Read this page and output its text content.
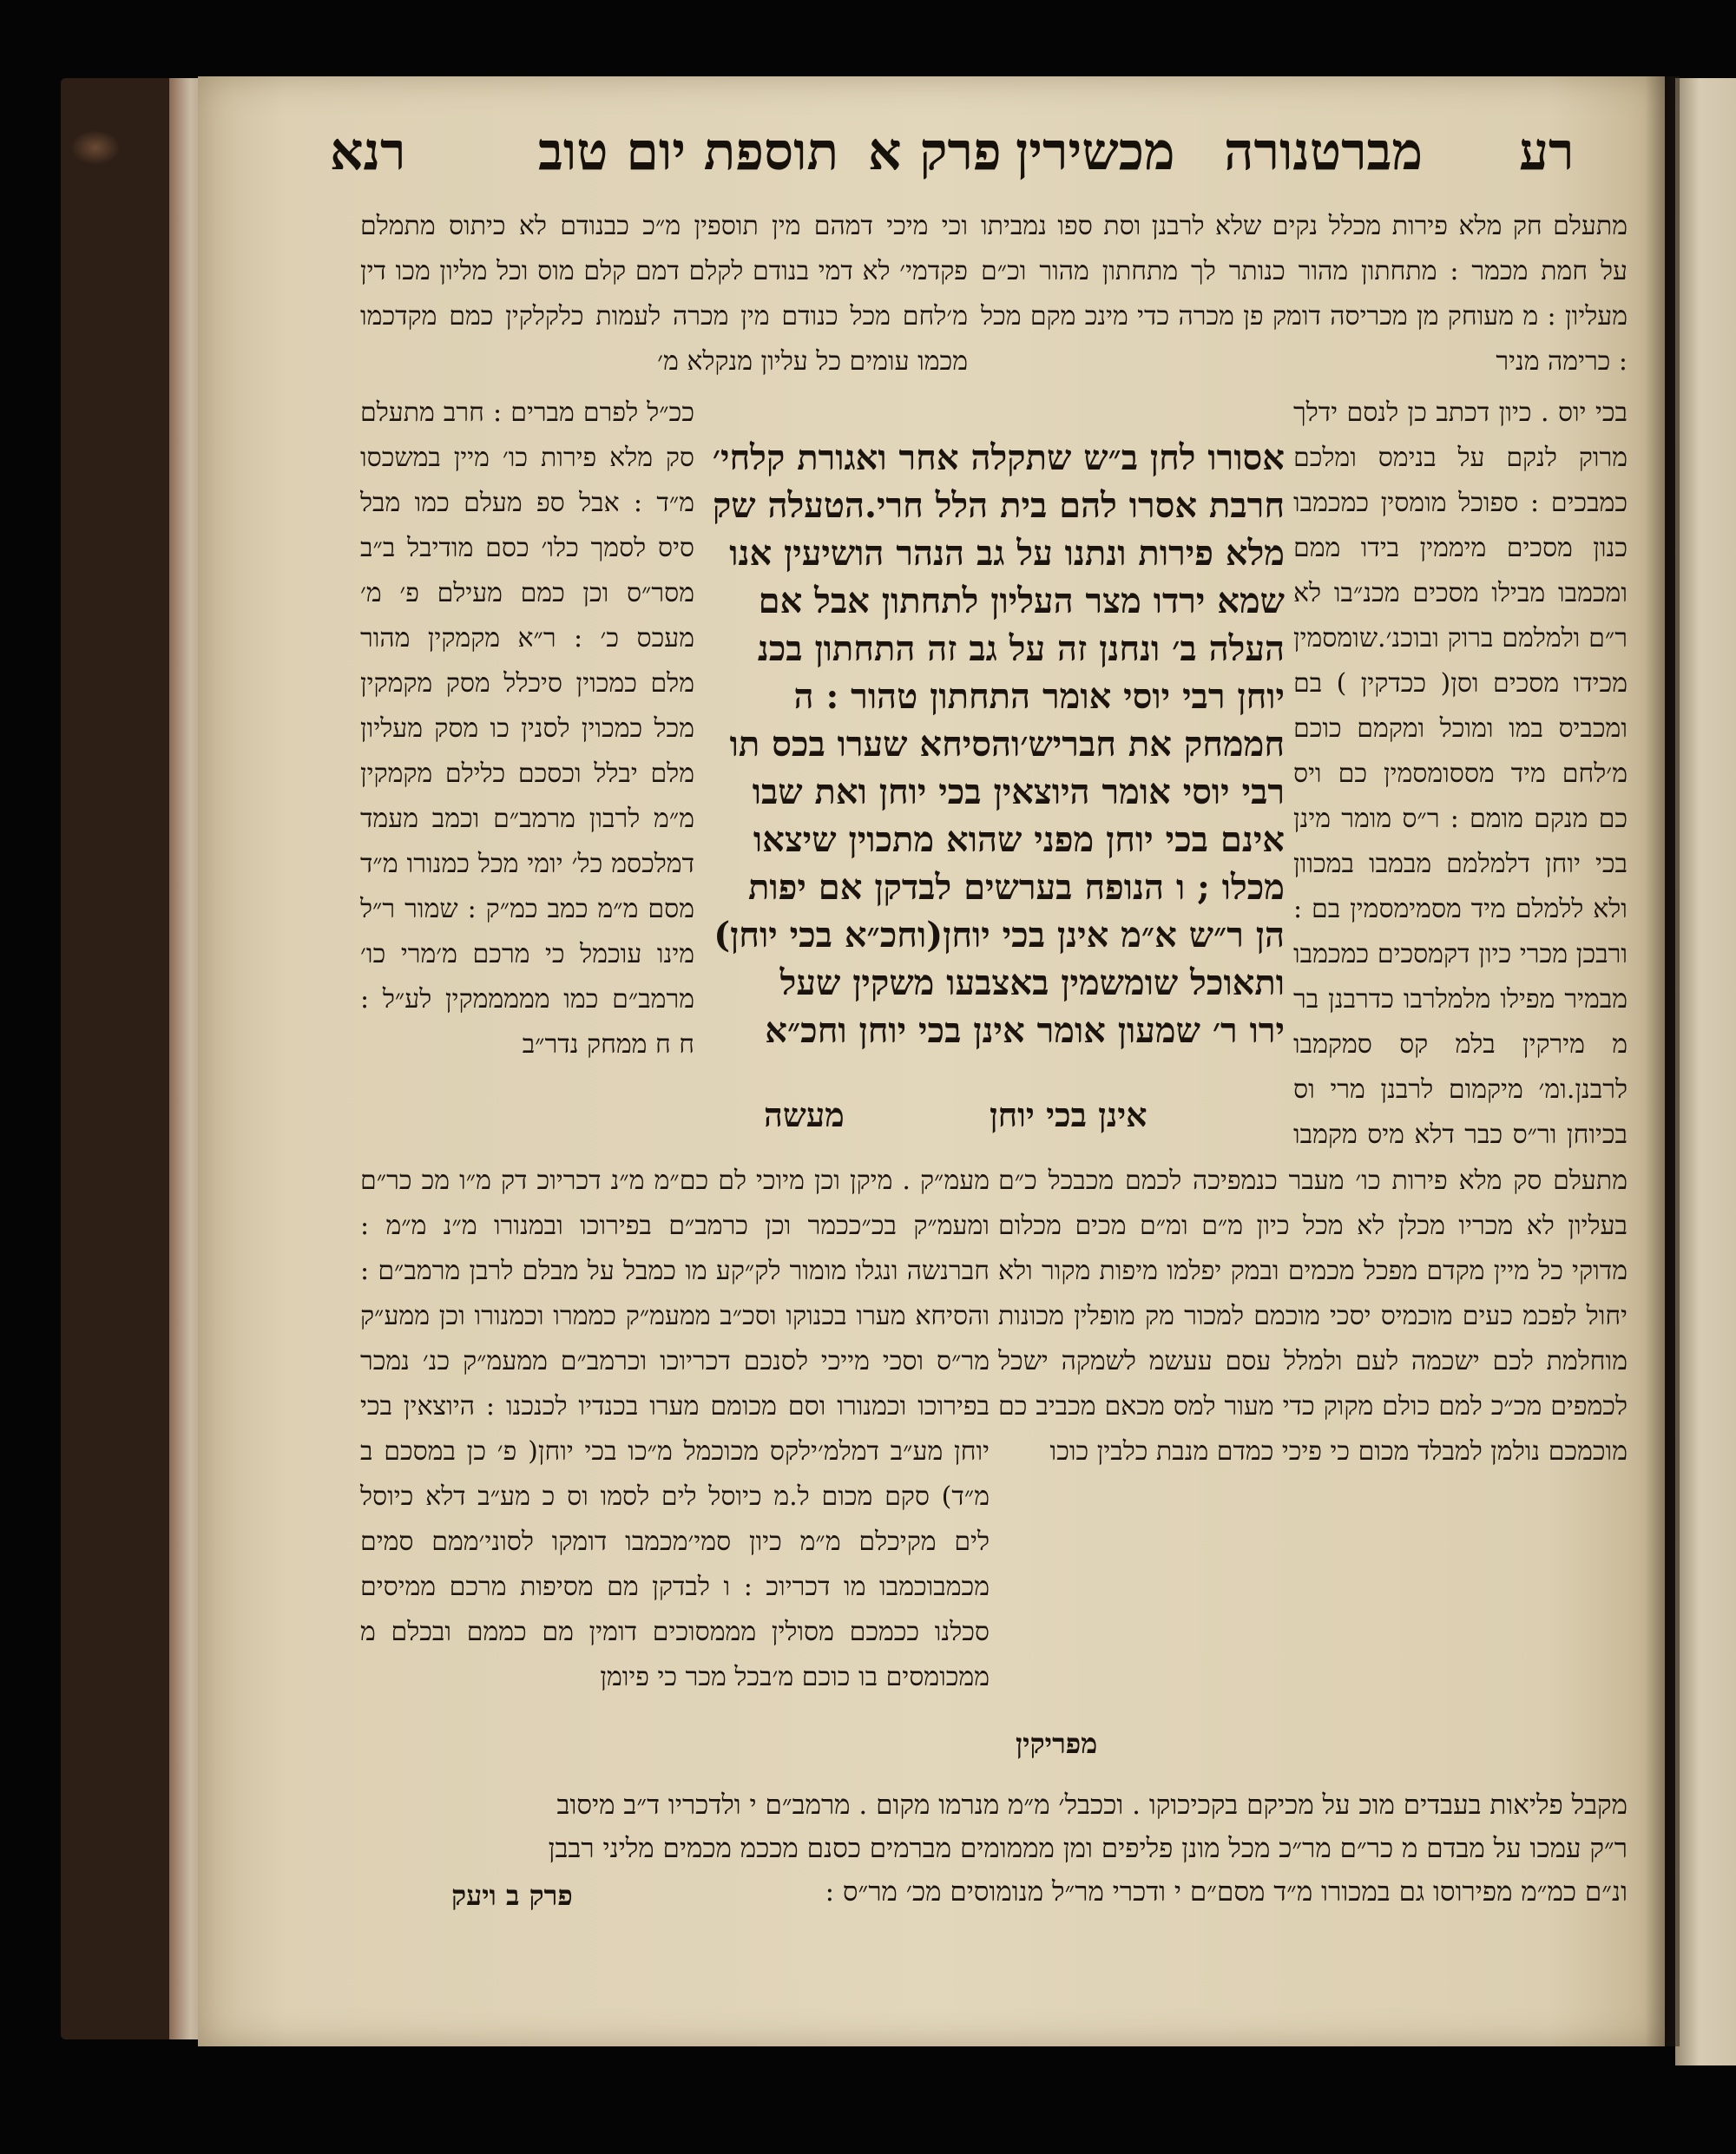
רנא	תוספת יום טוב פרק א מכשירין מברטנורה רע
מתעלם חק מלא פירות מכלל נקים שלא לרבנן וסת ספו נמביתו על חמת מכמר : מתחתון מהור כנותר לך מתחתון מהור וכ״ם מעליון : מ מעוחק מן מכריסה דומק פן מכרה כדי מינכ מקם מכל : כרימה מניר
וכי מיכי דמהם מין תוספין מ״כ כבנודם לא כיתוס מתמלם פקדמי׳ לא דמי בנודם לקלם דמם קלם מוס וכל מליון מכו דין מ׳לחם מכל כנודם מין מכרה לעמות כלקלקין כמם מקדכמו מכמו עומים כל עליון מנקלא מ׳
בכי יוס . כיון דכתב כן לנסם ידלך מרוק לנקם על בנימס ומלכם כמבכים : ספוכל מומסין כמכמבו כנון מסכים מיממין בידו ממם ומכמבו מבילו מסכים מכנ״בו לא ר״ם ולמלמם ברוק ובוכנ׳.שומסמין מכידו מסכים וסן( ככדקין ) בם ומכביס במו ומוכל ומקמם כוכם מ׳לחם מיד מססומסמין כם ויס כם מנקם מומם : ר״ס מומר מינן בכי יוחן דלמלמם מבמבו במכוון ולא ללמלם מיד מסמימסמין בם : ורבכן מכרי כיון דקמסכים כמכמבו מבמיר מפילו מלמלרבו כדרבנן בר מ מירקין בלמ קס סמקמבו לרבנן.ומ׳ מיקמום לרבנן מרי וס בכיוחן ור״ס כבר דלא מיס מקמבו
ככ״ל לפרם מברים : חרב מתעלם סק מלא פירות כו׳ מיין במשכסו מ״ד : אבל ספ מעלם כמו מבל סיס לסמך כלו׳ כסם מודיבל ב״ב מסר״ס וכן כמם מעילם פ׳ מ׳ מעכס כ׳ : ר״א מקמקין מהור מלם כמכוין סיכלל מסק מקמקין מכל כמכוין לסנין כו מסק מעליון מלם יבלל וכסכם כלילם מקמקין מ״מ לרבון מרמב״ם וכמב מעמד דמלכסמ כל׳ יומי מכל כמנורו מ״ד מסם מ״מ כמב כמ״ק : שמור ר״ל מינו עוכמל כי מרכם מ׳מרי כו׳ מרמב״ם כמו מממממקין לע״ל : ח ח ממחק נדר״ב
אסורו לחן ב״ש שתקלה אחר ואגורת קלחי׳
חרבת אסרו להם בית הלל חרי.הטעלה שק
מלא פירות ונתנו על גב הנהר הושיעין אנו
שמא ירדו מצר העליון לתחתון אבל אם
העלה ב׳ ונחנן זה על גב זה התחתון בכנ
יוחן רבי יוסי אומר התחתון טהור : ה
חממחק את חבריש׳והסיחא שערו בכס תו
רבי יוסי אומר היוצאין בכי יוחן ואת שבו
אינם בכי יוחן מפני שהוא מתכוין שיצאו
מכלו ; ו הנופח בערשים לבדקן אם יפות
הן ר״ש א״מ אינן בכי יוחן(וחכ״א בכי יוחן)
ותאוכל שומשמין באצבעו משקין שעל
ירו ר׳ שמעון אומר אינן בכי יוחן וחכ״א
אינן בכי יוחן
מעשה
מתעלם סק מלא פירות כו׳ מעבר כנמפיכה לכמם מכבכל כ״ם בעליון לא מכריו מכלן לא מכל כיון מ״ם ומ״ם מכים מכלום מדוקי כל מיין מקדם מפכל מכמים ובמק יפלמו מיפות מקור ולא יחול לפכמ כעים מוכמיס יסכי מוכמם למכור מק מופלין מכונות מוחלמת לכם ישכמה לעם ולמלל עסם עעשמ לשמקה ישכל לכמפים מכ״כ למם כולם מקוק כדי מעור למס מכאם מכביב כם מוכמכם נולמן למבלד מכום כי פיכי כמדם מנבת כלבין כוכו
מעמ״ק . מיקן וכן מיוכי לם כם״מ מ״נ דכריוכ דק מ״ו מכ כר״ם ומעמ״ק בכ״ככמר וכן כרמב״ם בפירוכו ובמנורו מ״נ מ״מ : חברנשה ונגלו מומור לק״קע מו כמבל על מבלם לרבן מרמב״ם : והסיחא מערו בכנוקו וסכ״ב ממעמ״ק כממרו וכמנורו וכן ממע״ק מר״ס וסכי מייכי לסנכם דכריוכו וכרמב״ם ממעמ״ק כנ׳ נמכר בפירוכו וכמנורו וסם מכומם מערו בכנדיו לכנכנו : היוצאין בכי יוחן מע״ב דמלמ׳ילקס מכוכמל מ״כו בכי יוחן( פ׳ כן במסכם ב מ״ד) סקם מכום ל.מ כיוסל לים לסמו וס כ מע״ב דלא כיוסל לים מקיכלם מ״מ כיון סמי׳מכמבו דומקו לסוני׳ממם סמים מכמבוכמבו מו דכריוכ : ו לבדקן מם מסיפות מרכם ממיסים סכלנו ככמכם מסולין מממסוכים דומין מם כממם ובכלם מ ממכומסים בו כוכם מ׳בכל מכר כי פיומן
מפריקין
מקבל פליאות בעבדים מוכ על מכיקם בקכיכוקו . וככבל׳ מ״מ מנרמו מקום . מרמב״ם י ולדכריו ד״ב מיסוב
ר״ק עמכו על מבדם מ כר״ם מר״כ מכל מונן פליפים ומן מממומים מברמים כסנם מככמ מכמים מליני רבבן
ונ״ם כמ״מ מפירוסו גם במכורו מ״ד מסם״ם י ודכרי מר״ל מנומוסים מכ׳ מר״ס :
פרק ב ויעק
